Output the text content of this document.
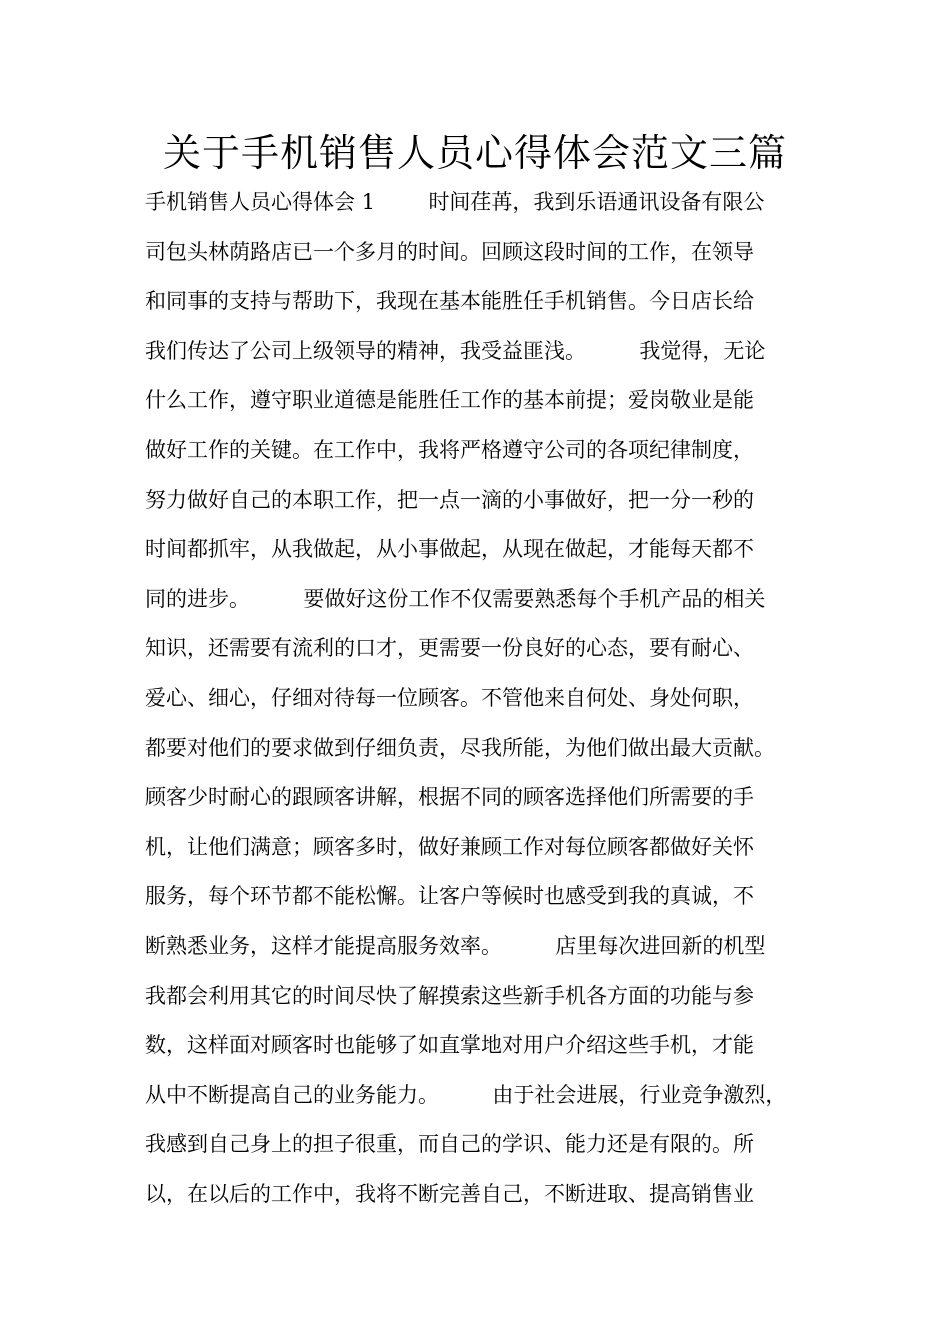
关于手机销售人员心得体会范文三篇
手机销售人员心得体会 1        时间荏苒，我到乐语通讯设备有限公
司包头林荫路店已一个多月的时间。回顾这段时间的工作，在领导
和同事的支持与帮助下，我现在基本能胜任手机销售。今日店长给
我们传达了公司上级领导的精神，我受益匪浅。        我觉得，无论
什么工作，遵守职业道德是能胜任工作的基本前提；爱岗敬业是能
做好工作的关键。在工作中，我将严格遵守公司的各项纪律制度，
努力做好自己的本职工作，把一点一滴的小事做好，把一分一秒的
时间都抓牢，从我做起，从小事做起，从现在做起，才能每天都不
同的进步。        要做好这份工作不仅需要熟悉每个手机产品的相关
知识，还需要有流利的口才，更需要一份良好的心态，要有耐心、
爱心、细心，仔细对待每一位顾客。不管他来自何处、身处何职，
都要对他们的要求做到仔细负责，尽我所能，为他们做出最大贡献。
顾客少时耐心的跟顾客讲解，根据不同的顾客选择他们所需要的手
机，让他们满意；顾客多时，做好兼顾工作对每位顾客都做好关怀
服务，每个环节都不能松懈。让客户等候时也感受到我的真诚，不
断熟悉业务，这样才能提高服务效率。        店里每次进回新的机型
我都会利用其它的时间尽快了解摸索这些新手机各方面的功能与参
数，这样面对顾客时也能够了如直掌地对用户介绍这些手机，才能
从中不断提高自己的业务能力。        由于社会进展，行业竞争激烈，
我感到自己身上的担子很重，而自己的学识、能力还是有限的。所
以，在以后的工作中，我将不断完善自己，不断进取、提高销售业
